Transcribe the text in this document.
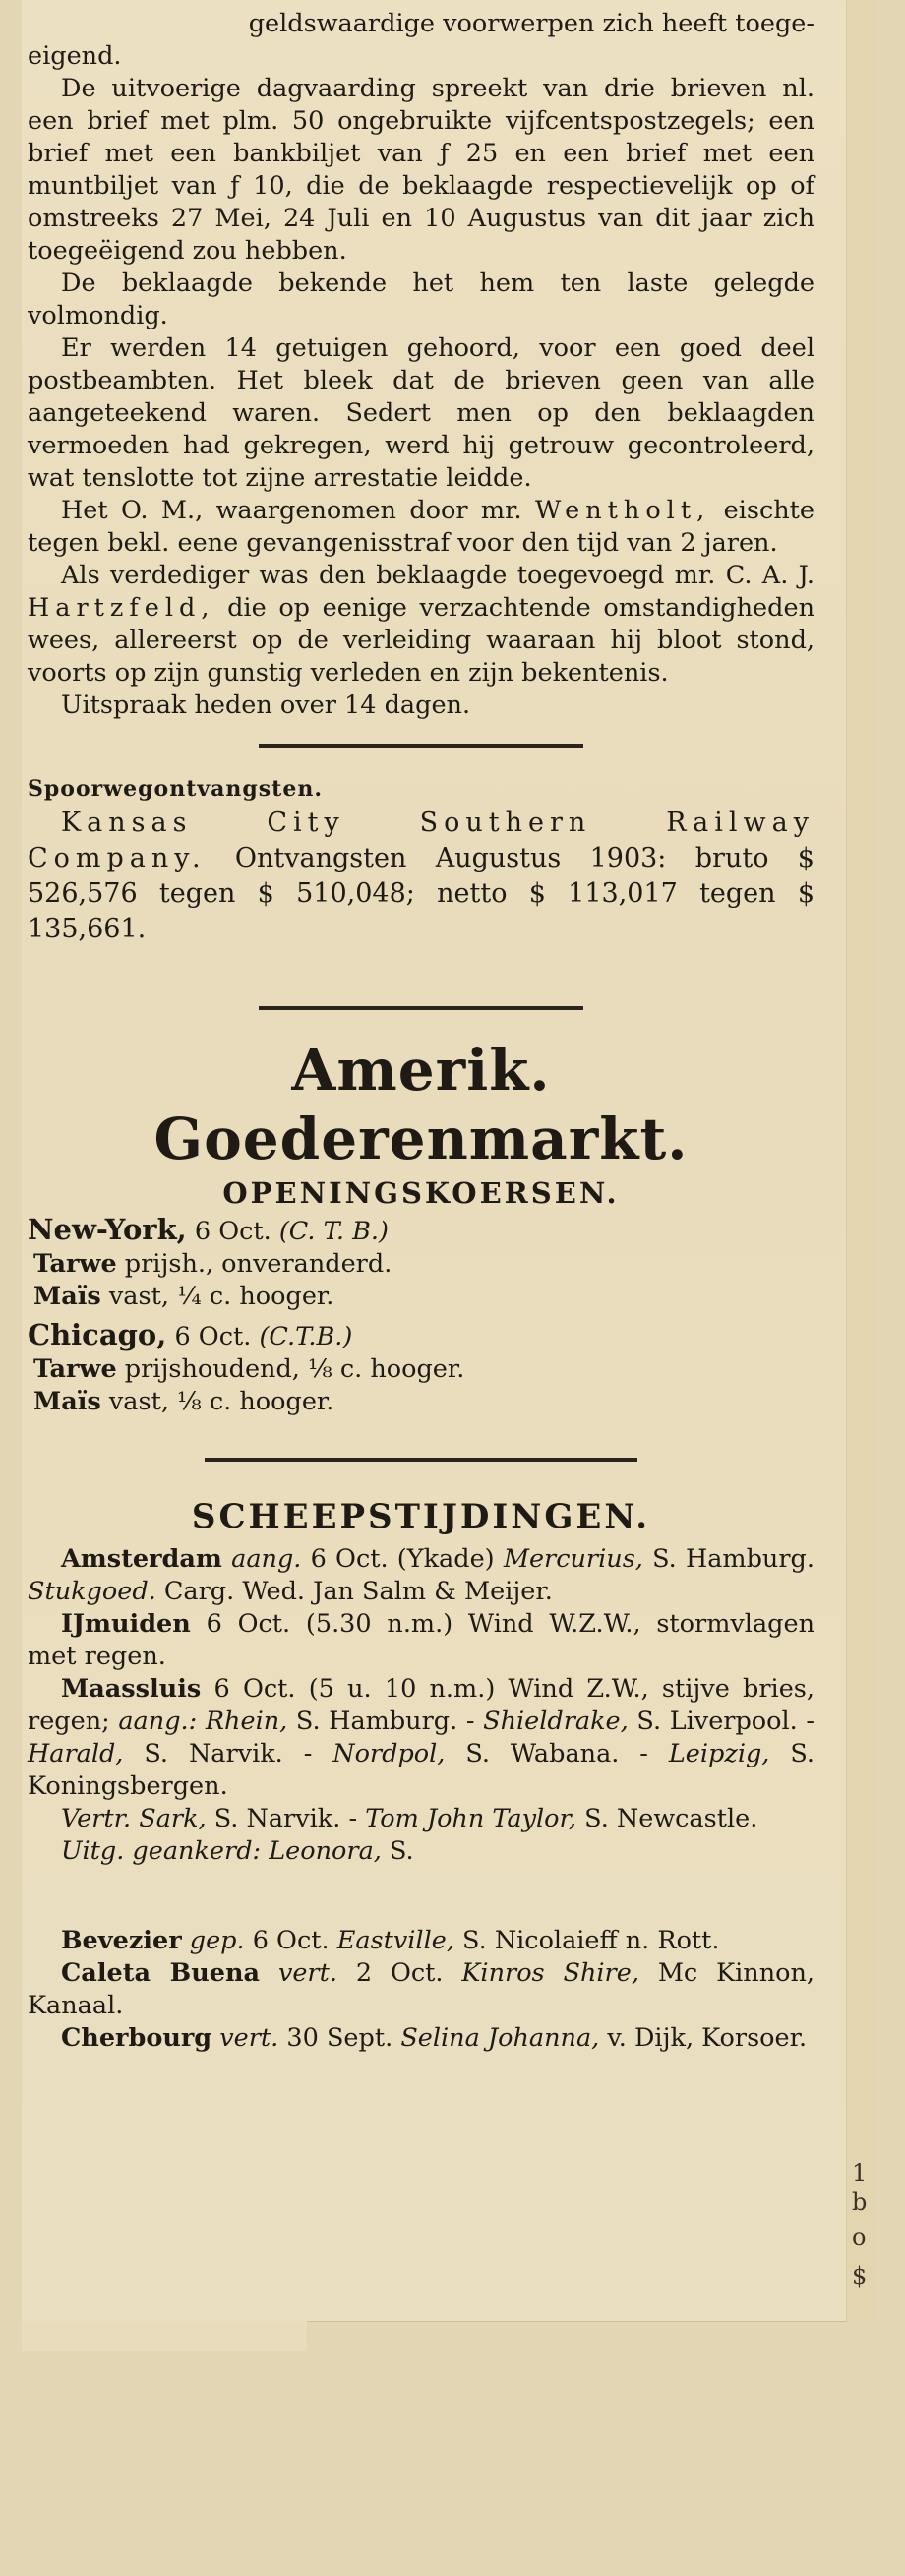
geldswaardige voorwerpen zich heeft toege-

eigend.

De uitvoerige dagvaarding spreekt van drie brieven nl. een brief met plm. 50 ongebruikte vijfcentspostzegels; een brief met een bankbiljet van ƒ 25 en een brief met een muntbiljet van ƒ 10, die de beklaagde respectievelijk op of omstreeks 27 Mei, 24 Juli en 10 Augustus van dit jaar zich toegeëigend zou hebben.

De beklaagde bekende het hem ten laste gelegde volmondig.

Er werden 14 getuigen gehoord, voor een goed deel postbeambten. Het bleek dat de brieven geen van alle aangeteekend waren. Sedert men op den beklaagden vermoeden had gekregen, werd hij getrouw gecontroleerd, wat tenslotte tot zijne arrestatie leidde.

Het O. M., waargenomen door mr. Wentholt, eischte tegen bekl. eene gevangenisstraf voor den tijd van 2 jaren.

Als verdediger was den beklaagde toegevoegd mr. C. A. J. Hartzfeld, die op eenige verzachtende omstandigheden wees, allereerst op de verleiding waaraan hij bloot stond, voorts op zijn gunstig verleden en zijn bekentenis.

Uitspraak heden over 14 dagen.

Spoorwegontvangsten.

Kansas City Southern Railway Company. Ontvangsten Augustus 1903: bruto $ 526,576 tegen $ 510,048; netto $ 113,017 tegen $ 135,661.

Amerik. Goederenmarkt.
OPENINGSKOERSEN.

New-York, 6 Oct. (C. T. B.)

Tarwe prijsh., onveranderd.

Maïs vast, ¼ c. hooger.

Chicago, 6 Oct. (C.T.B.)

Tarwe prijshoudend, ⅛ c. hooger.

Maïs vast, ⅛ c. hooger.

SCHEEPSTIJDINGEN.

Amsterdam aang. 6 Oct. (Ykade) Mercurius, S. Hamburg. Stukgoed. Carg. Wed. Jan Salm & Meijer.

IJmuiden 6 Oct. (5.30 n.m.) Wind W.Z.W., stormvlagen met regen.

Maassluis 6 Oct. (5 u. 10 n.m.) Wind Z.W., stijve bries, regen; aang.: Rhein, S. Hamburg. - Shieldrake, S. Liverpool. - Harald, S. Narvik. - Nordpol, S. Wabana. - Leipzig, S. Koningsbergen.

Vertr. Sark, S. Narvik. - Tom John Taylor, S. Newcastle.

Uitg. geankerd: Leonora, S.

Bevezier gep. 6 Oct. Eastville, S. Nicolaieff n. Rott.

Caleta Buena vert. 2 Oct. Kinros Shire, Mc Kinnon, Kanaal.

Cherbourg vert. 30 Sept. Selina Johanna, v. Dijk, Korsoer.

1
b
o
$
